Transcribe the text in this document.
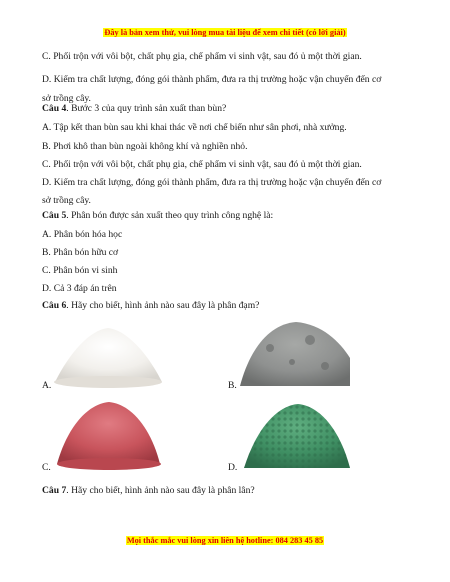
Đây là bản xem thử, vui lòng mua tài liệu để xem chi tiết (có lời giải)
C. Phối trộn với vôi bột, chất phụ gia, chế phẩm vi sinh vật, sau đó ủ một thời gian.
D. Kiểm tra chất lượng, đóng gói thành phẩm, đưa ra thị trường hoặc vận chuyển đến cơ
sở trồng cây.
Câu 4. Bước 3 của quy trình sản xuất than bùn?
A. Tập kết than bùn sau khi khai thác về nơi chế biến như sân phơi, nhà xưởng.
B. Phơi khô than bùn ngoài không khí và nghiền nhỏ.
C. Phối trộn với vôi bột, chất phụ gia, chế phẩm vi sinh vật, sau đó ủ một thời gian.
D. Kiểm tra chất lượng, đóng gói thành phẩm, đưa ra thị trường hoặc vận chuyển đến cơ
sở trồng cây.
Câu 5. Phân bón được sản xuất theo quy trình công nghệ là:
A. Phân bón hóa học
B. Phân bón hữu cơ
C. Phân bón vi sinh
D. Cả 3 đáp án trên
Câu 6. Hãy cho biết, hình ảnh nào sau đây là phân đạm?
A.	B.
C.	D.
Câu 7. Hãy cho biết, hình ảnh nào sau đây là phân lân?
Mọi thắc mắc vui lòng xin liên hệ hotline: 084 283 45 85
